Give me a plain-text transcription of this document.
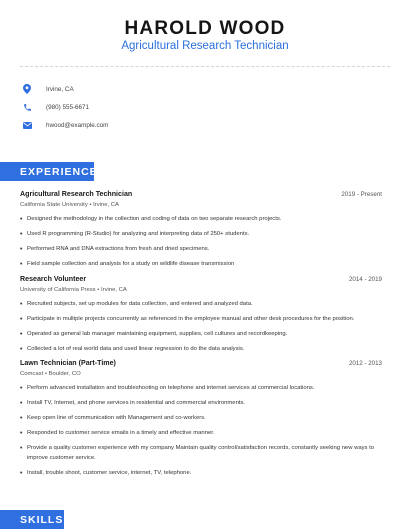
HAROLD WOOD
Agricultural Research Technician
Irvine, CA
(980) 555-6671
hwood@example.com
EXPERIENCE
Agricultural Research Technician	2019 - Present
California State University • Irvine, CA
• Designed the methodology in the collection and coding of data on two separate research projects.
• Used R programming (R-Studio) for analyzing and interpreting data of 250+ students.
• Performed RNA and DNA extractions from fresh and dried specimens.
• Field sample collection and analysis for a study on wildlife disease transmission
Research Volunteer	2014 - 2019
University of California Press • Irvine, CA
• Recruited subjects, set up modules for data collection, and entered and analyzed data.
• Participate in multiple projects concurrently as referenced in the employee manual and other desk procedures for the position.
• Operated as general lab manager maintaining equipment, supplies, cell cultures and recordkeeping.
• Collected a lot of real world data and used linear regression to do the data analysis.
Lawn Technician (Part-Time)	2012 - 2013
Comcast • Boulder, CO
• Perform advanced installation and troubleshooting on telephone and internet services at commercial locations.
• Install TV, Internet, and phone services in residential and commercial environments.
• Keep open line of communication with Management and co-workers.
• Responded to customer service emails in a timely and effective manner.
• Provide a quality customer experience with my company Maintain quality control/satisfaction records, constantly seeking new ways to improve customer service.
• Install, trouble shoot, customer service, internet, TV, telephone.
SKILLS
